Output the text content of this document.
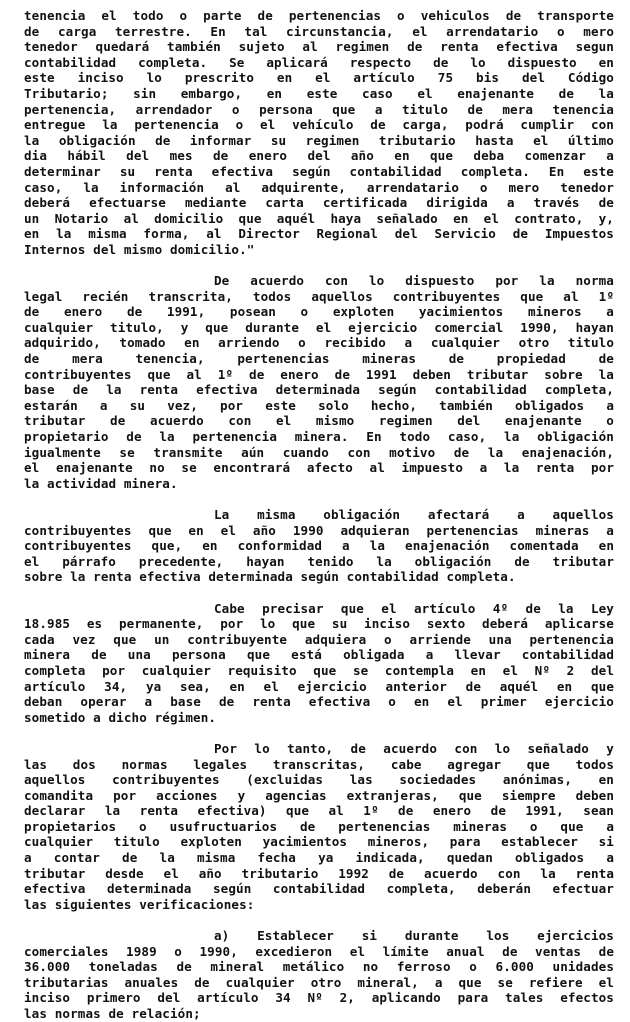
tenencia el todo o parte de pertenencias o vehiculos de transporte
de carga terrestre. En tal circunstancia, el arrendatario o mero
tenedor quedará también sujeto al regimen de renta efectiva segun
contabilidad completa. Se aplicará respecto de lo dispuesto en
este inciso lo prescrito en el artículo 75 bis del Código
Tributario; sin embargo, en este caso el enajenante de la
pertenencia, arrendador o persona que a titulo de mera tenencia
entregue la pertenencia o el vehículo de carga, podrá cumplir con
la obligación de informar su regimen tributario hasta el último
dia hábil del mes de enero del año en que deba comenzar a
determinar su renta efectiva según contabilidad completa. En este
caso, la información al adquirente, arrendatario o mero tenedor
deberá efectuarse mediante carta certificada dirigida a través de
un Notario al domicilio que aquél haya señalado en el contrato, y,
en la misma forma, al Director Regional del Servicio de Impuestos
Internos del mismo domicilio."

De acuerdo con lo dispuesto por la norma
legal recién transcrita, todos aquellos contribuyentes que al 1º
de enero de 1991, posean o exploten yacimientos mineros a
cualquier titulo, y que durante el ejercicio comercial 1990, hayan
adquirido, tomado en arriendo o recibido a cualquier otro titulo
de mera tenencia, pertenencias mineras de propiedad de
contribuyentes que al 1º de enero de 1991 deben tributar sobre la
base de la renta efectiva determinada según contabilidad completa,
estarán a su vez, por este solo hecho, también obligados a
tributar de acuerdo con el mismo regimen del enajenante o
propietario de la pertenencia minera. En todo caso, la obligación
igualmente se transmite aún cuando con motivo de la enajenación,
el enajenante no se encontrará afecto al impuesto a la renta por
la actividad minera.

La misma obligación afectará a aquellos
contribuyentes que en el año 1990 adquieran pertenencias mineras a
contribuyentes que, en conformidad a la enajenación comentada en
el párrafo precedente, hayan tenido la obligación de tributar
sobre la renta efectiva determinada según contabilidad completa.

Cabe precisar que el artículo 4º de la Ley
18.985 es permanente, por lo que su inciso sexto deberá aplicarse
cada vez que un contribuyente adquiera o arriende una pertenencia
minera de una persona que está obligada a llevar contabilidad
completa por cualquier requisito que se contempla en el Nº 2 del
artículo 34, ya sea, en el ejercicio anterior de aquél en que
deban operar a base de renta efectiva o en el primer ejercicio
sometido a dicho régimen.

Por lo tanto, de acuerdo con lo señalado y
las dos normas legales transcritas, cabe agregar que todos
aquellos contribuyentes (excluidas las sociedades anónimas, en
comandita por acciones y agencias extranjeras, que siempre deben
declarar la renta efectiva) que al 1º de enero de 1991, sean
propietarios o usufructuarios de pertenencias mineras o que a
cualquier titulo exploten yacimientos mineros, para establecer si
a contar de la misma fecha ya indicada, quedan obligados a
tributar desde el año tributario 1992 de acuerdo con la renta
efectiva determinada según contabilidad completa, deberán efectuar
las siguientes verificaciones:

a) Establecer si durante los ejercicios
comerciales 1989 o 1990, excedieron el límite anual de ventas de
36.000 toneladas de mineral metálico no ferroso o 6.000 unidades
tributarias anuales de cualquier otro mineral, a que se refiere el
inciso primero del artículo 34 Nº 2, aplicando para tales efectos
las normas de relación;
